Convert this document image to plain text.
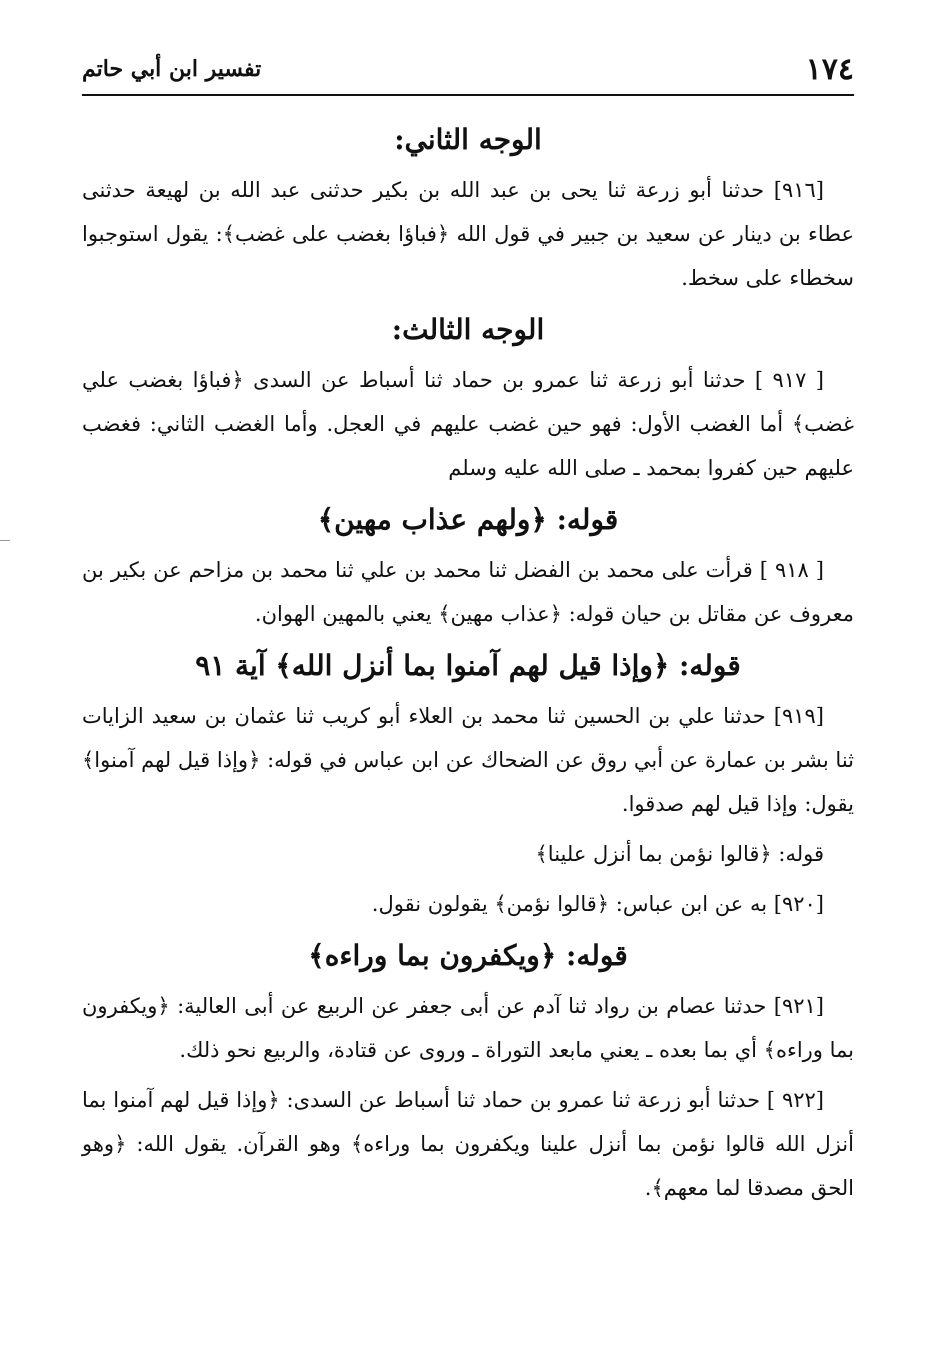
١٧٤
تفسير ابن أبي حاتم
الوجه الثاني:

[٩١٦] حدثنا أبو زرعة ثنا يحى بن عبد الله بن بكير حدثنى عبد الله بن لهيعة حدثنى عطاء بن دينار عن سعيد بن جبير في قول الله ﴿فباؤا بغضب على غضب﴾: يقول استوجبوا سخطاء على سخط.

الوجه الثالث:

[ ٩١٧ ] حدثنا أبو زرعة ثنا عمرو بن حماد ثنا أسباط عن السدى ﴿فباؤا بغضب علي غضب﴾ أما الغضب الأول: فهو حين غضب عليهم في العجل. وأما الغضب الثاني: فغضب عليهم حين كفروا بمحمد ـ صلى الله عليه وسلم

قوله: ﴿ولهم عذاب مهين﴾

[ ٩١٨ ] قرأت على محمد بن الفضل ثنا محمد بن علي ثنا محمد بن مزاحم عن بكير بن معروف عن مقاتل بن حيان قوله: ﴿عذاب مهين﴾ يعني بالمهين الهوان.

قوله: ﴿وإذا قيل لهم آمنوا بما أنزل الله﴾ آية ٩١

[٩١٩] حدثنا علي بن الحسين ثنا محمد بن العلاء أبو كريب ثنا عثمان بن سعيد الزايات ثنا بشر بن عمارة عن أبي روق عن الضحاك عن ابن عباس في قوله: ﴿وإذا قيل لهم آمنوا﴾ يقول: وإذا قيل لهم صدقوا.

قوله: ﴿قالوا نؤمن بما أنزل علينا﴾

[٩٢٠] به عن ابن عباس: ﴿قالوا نؤمن﴾ يقولون نقول.

قوله: ﴿ويكفرون بما وراءه﴾

[٩٢١] حدثنا عصام بن رواد ثنا آدم عن أبى جعفر عن الربيع عن أبى العالية: ﴿ويكفرون بما وراءه﴾ أي بما بعده ـ يعني مابعد التوراة ـ وروى عن قتادة، والربيع نحو ذلك.

[٩٢٢ ] حدثنا أبو زرعة ثنا عمرو بن حماد ثنا أسباط عن السدى: ﴿وإذا قيل لهم آمنوا بما أنزل الله قالوا نؤمن بما أنزل علينا ويكفرون بما وراءه﴾ وهو القرآن. يقول الله: ﴿وهو الحق مصدقا لما معهم﴾.
